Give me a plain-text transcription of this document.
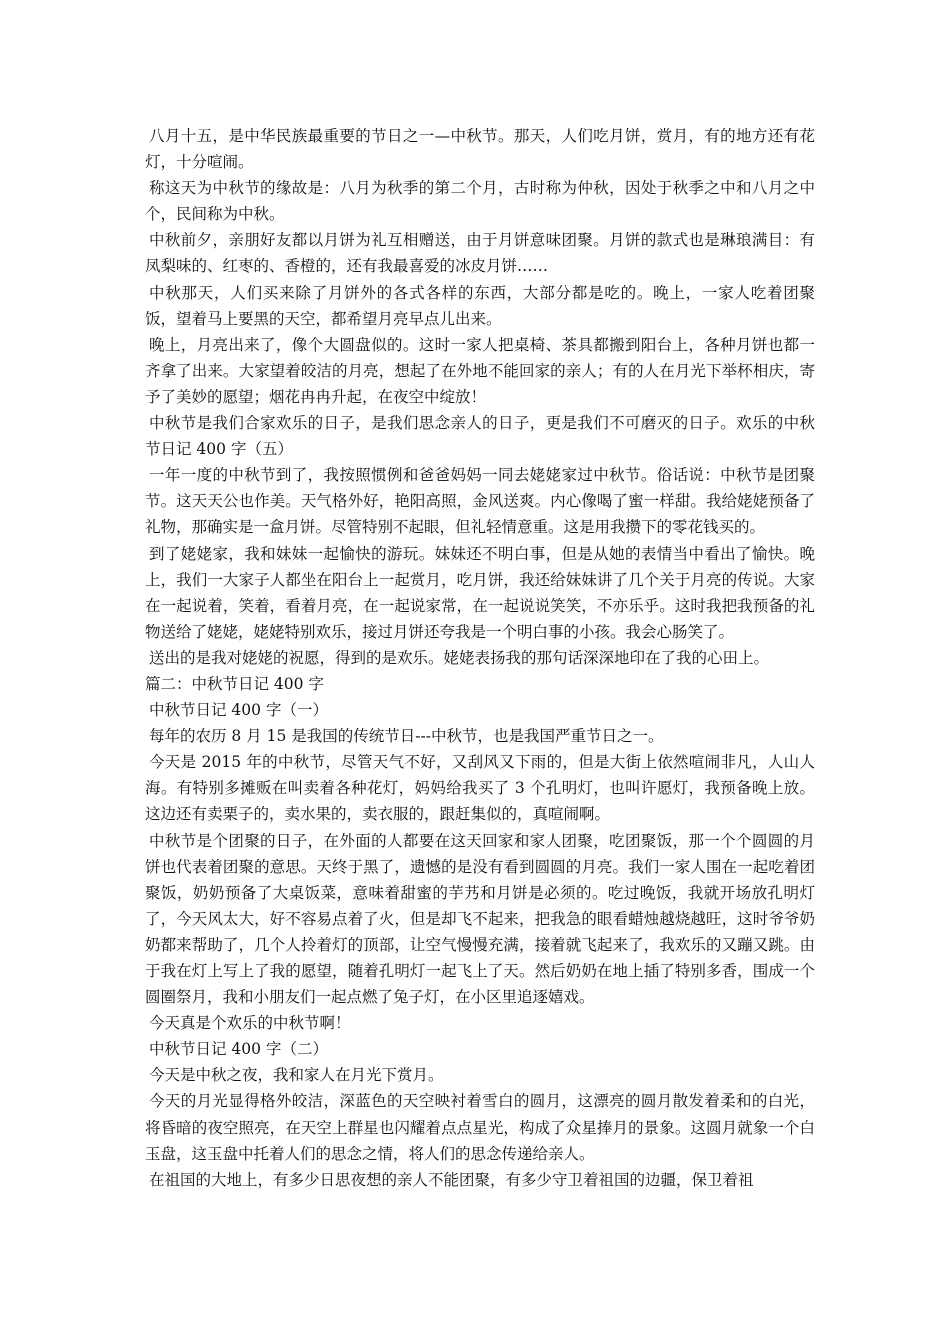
八月十五，是中华民族最重要的节日之一—中秋节。那天，人们吃月饼，赏月，有的地方还有花灯，十分喧闹。

称这天为中秋节的缘故是：八月为秋季的第二个月，古时称为仲秋，因处于秋季之中和八月之中个，民间称为中秋。

中秋前夕，亲朋好友都以月饼为礼互相赠送，由于月饼意味团聚。月饼的款式也是琳琅满目：有凤梨味的、红枣的、香橙的，还有我最喜爱的冰皮月饼……

中秋那天，人们买来除了月饼外的各式各样的东西，大部分都是吃的。晚上，一家人吃着团聚饭，望着马上要黑的天空，都希望月亮早点儿出来。

晚上，月亮出来了，像个大圆盘似的。这时一家人把桌椅、茶具都搬到阳台上，各种月饼也都一齐拿了出来。大家望着皎洁的月亮，想起了在外地不能回家的亲人；有的人在月光下举杯相庆，寄予了美妙的愿望；烟花冉冉升起，在夜空中绽放！

中秋节是我们合家欢乐的日子，是我们思念亲人的日子，更是我们不可磨灭的日子。欢乐的中秋节日记 400 字（五）

一年一度的中秋节到了，我按照惯例和爸爸妈妈一同去姥姥家过中秋节。俗话说：中秋节是团聚节。这天天公也作美。天气格外好，艳阳高照，金风送爽。内心像喝了蜜一样甜。我给姥姥预备了礼物，那确实是一盒月饼。尽管特别不起眼，但礼轻情意重。这是用我攒下的零花钱买的。

到了姥姥家，我和妹妹一起愉快的游玩。妹妹还不明白事，但是从她的表情当中看出了愉快。晚上，我们一大家子人都坐在阳台上一起赏月，吃月饼，我还给妹妹讲了几个关于月亮的传说。大家在一起说着，笑着，看着月亮，在一起说家常，在一起说说笑笑，不亦乐乎。这时我把我预备的礼物送给了姥姥，姥姥特别欢乐，接过月饼还夸我是一个明白事的小孩。我会心肠笑了。

送出的是我对姥姥的祝愿，得到的是欢乐。姥姥表扬我的那句话深深地印在了我的心田上。

篇二：中秋节日记 400 字

中秋节日记 400 字（一）

每年的农历 8 月 15 是我国的传统节日---中秋节，也是我国严重节日之一。

今天是 2015 年的中秋节，尽管天气不好，又刮风又下雨的，但是大街上依然喧闹非凡，人山人海。有特别多摊贩在叫卖着各种花灯，妈妈给我买了 3 个孔明灯，也叫许愿灯，我预备晚上放。这边还有卖栗子的，卖水果的，卖衣服的，跟赶集似的，真喧闹啊。

中秋节是个团聚的日子，在外面的人都要在这天回家和家人团聚，吃团聚饭，那一个个圆圆的月饼也代表着团聚的意思。天终于黑了，遗憾的是没有看到圆圆的月亮。我们一家人围在一起吃着团聚饭，奶奶预备了大桌饭菜，意味着甜蜜的芋艿和月饼是必须的。吃过晚饭，我就开场放孔明灯了，今天风太大，好不容易点着了火，但是却飞不起来，把我急的眼看蜡烛越烧越旺，这时爷爷奶奶都来帮助了，几个人拎着灯的顶部，让空气慢慢充满，接着就飞起来了，我欢乐的又蹦又跳。由于我在灯上写上了我的愿望，随着孔明灯一起飞上了天。然后奶奶在地上插了特别多香，围成一个圆圈祭月，我和小朋友们一起点燃了兔子灯，在小区里追逐嬉戏。

今天真是个欢乐的中秋节啊！

中秋节日记 400 字（二）

今天是中秋之夜，我和家人在月光下赏月。

今天的月光显得格外皎洁，深蓝色的天空映衬着雪白的圆月，这漂亮的圆月散发着柔和的白光，将昏暗的夜空照亮，在天空上群星也闪耀着点点星光，构成了众星捧月的景象。这圆月就象一个白玉盘，这玉盘中托着人们的思念之情，将人们的思念传递给亲人。

在祖国的大地上，有多少日思夜想的亲人不能团聚，有多少守卫着祖国的边疆，保卫着祖
